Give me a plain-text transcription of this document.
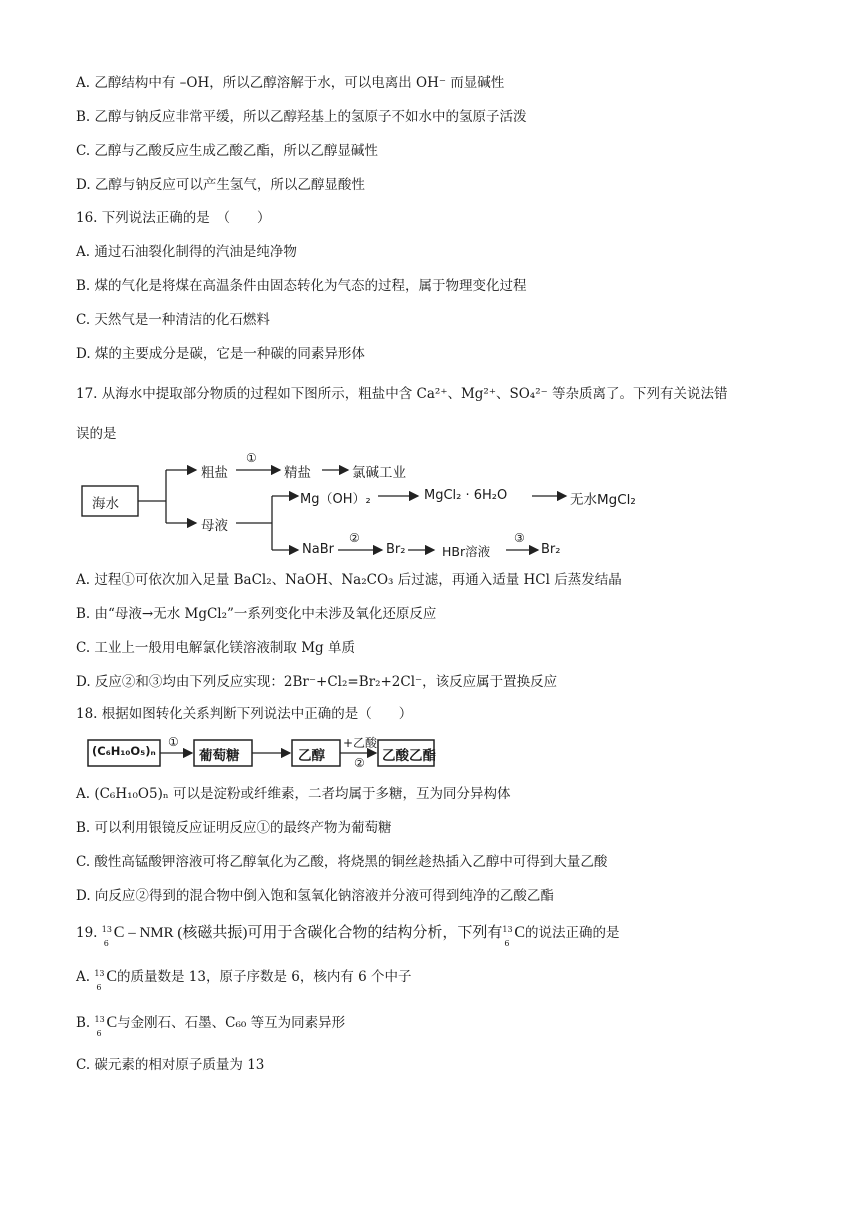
A. 乙醇结构中有 –OH，所以乙醇溶解于水，可以电离出 OH⁻ 而显碱性
B. 乙醇与钠反应非常平缓，所以乙醇羟基上的氢原子不如水中的氢原子活泼
C. 乙醇与乙酸反应生成乙酸乙酯，所以乙醇显碱性
D. 乙醇与钠反应可以产生氢气，所以乙醇显酸性
16. 下列说法正确的是　（　　）
A. 通过石油裂化制得的汽油是纯净物
B. 煤的气化是将煤在高温条件由固态转化为气态的过程，属于物理变化过程
C. 天然气是一种清洁的化石燃料
D. 煤的主要成分是碳，它是一种碳的同素异形体
17. 从海水中提取部分物质的过程如下图所示，粗盐中含 Ca²⁺、Mg²⁺、SO₄²⁻ 等杂质离了。下列有关说法错
误的是
海水
粗盐
①
精盐	氯碱工业
母液
Mg（OH）₂	MgCl₂ · 6H₂O	无水MgCl₂
NaBr
②
Br₂	HBr溶液
③
Br₂
A. 过程①可依次加入足量 BaCl₂、NaOH、Na₂CO₃ 后过滤，再通入适量 HCl 后蒸发结晶
B. 由“母液→无水 MgCl₂”一系列变化中未涉及氧化还原反应
C. 工业上一般用电解氯化镁溶液制取 Mg 单质
D. 反应②和③均由下列反应实现：2Br⁻+Cl₂=Br₂+2Cl⁻，该反应属于置换反应
18. 根据如图转化关系判断下列说法中正确的是（　　）
(C₆H₁₀O₅)ₙ
①
葡萄糖	乙醇
+乙酸
② 乙酸乙酯
A. (C₆H₁₀O5)ₙ 可以是淀粉或纤维素，二者均属于多糖，互为同分异构体
B. 可以利用银镜反应证明反应①的最终产物为葡萄糖
C. 酸性高锰酸钾溶液可将乙醇氧化为乙酸，将烧黑的铜丝趁热插入乙醇中可得到大量乙酸
D. 向反应②得到的混合物中倒入饱和氢氧化钠溶液并分液可得到纯净的乙酸乙酯
19. 13
6
C – NMR (核磁共振)可用于含碳化合物的结构分析，下列有 13
6
C的说法正确的是
A. 13
6
C的质量数是 13，原子序数是 6，核内有 6 个中子
B. 13
6
C与金刚石、石墨、C₆₀ 等互为同素异形
C. 碳元素的相对原子质量为 13
